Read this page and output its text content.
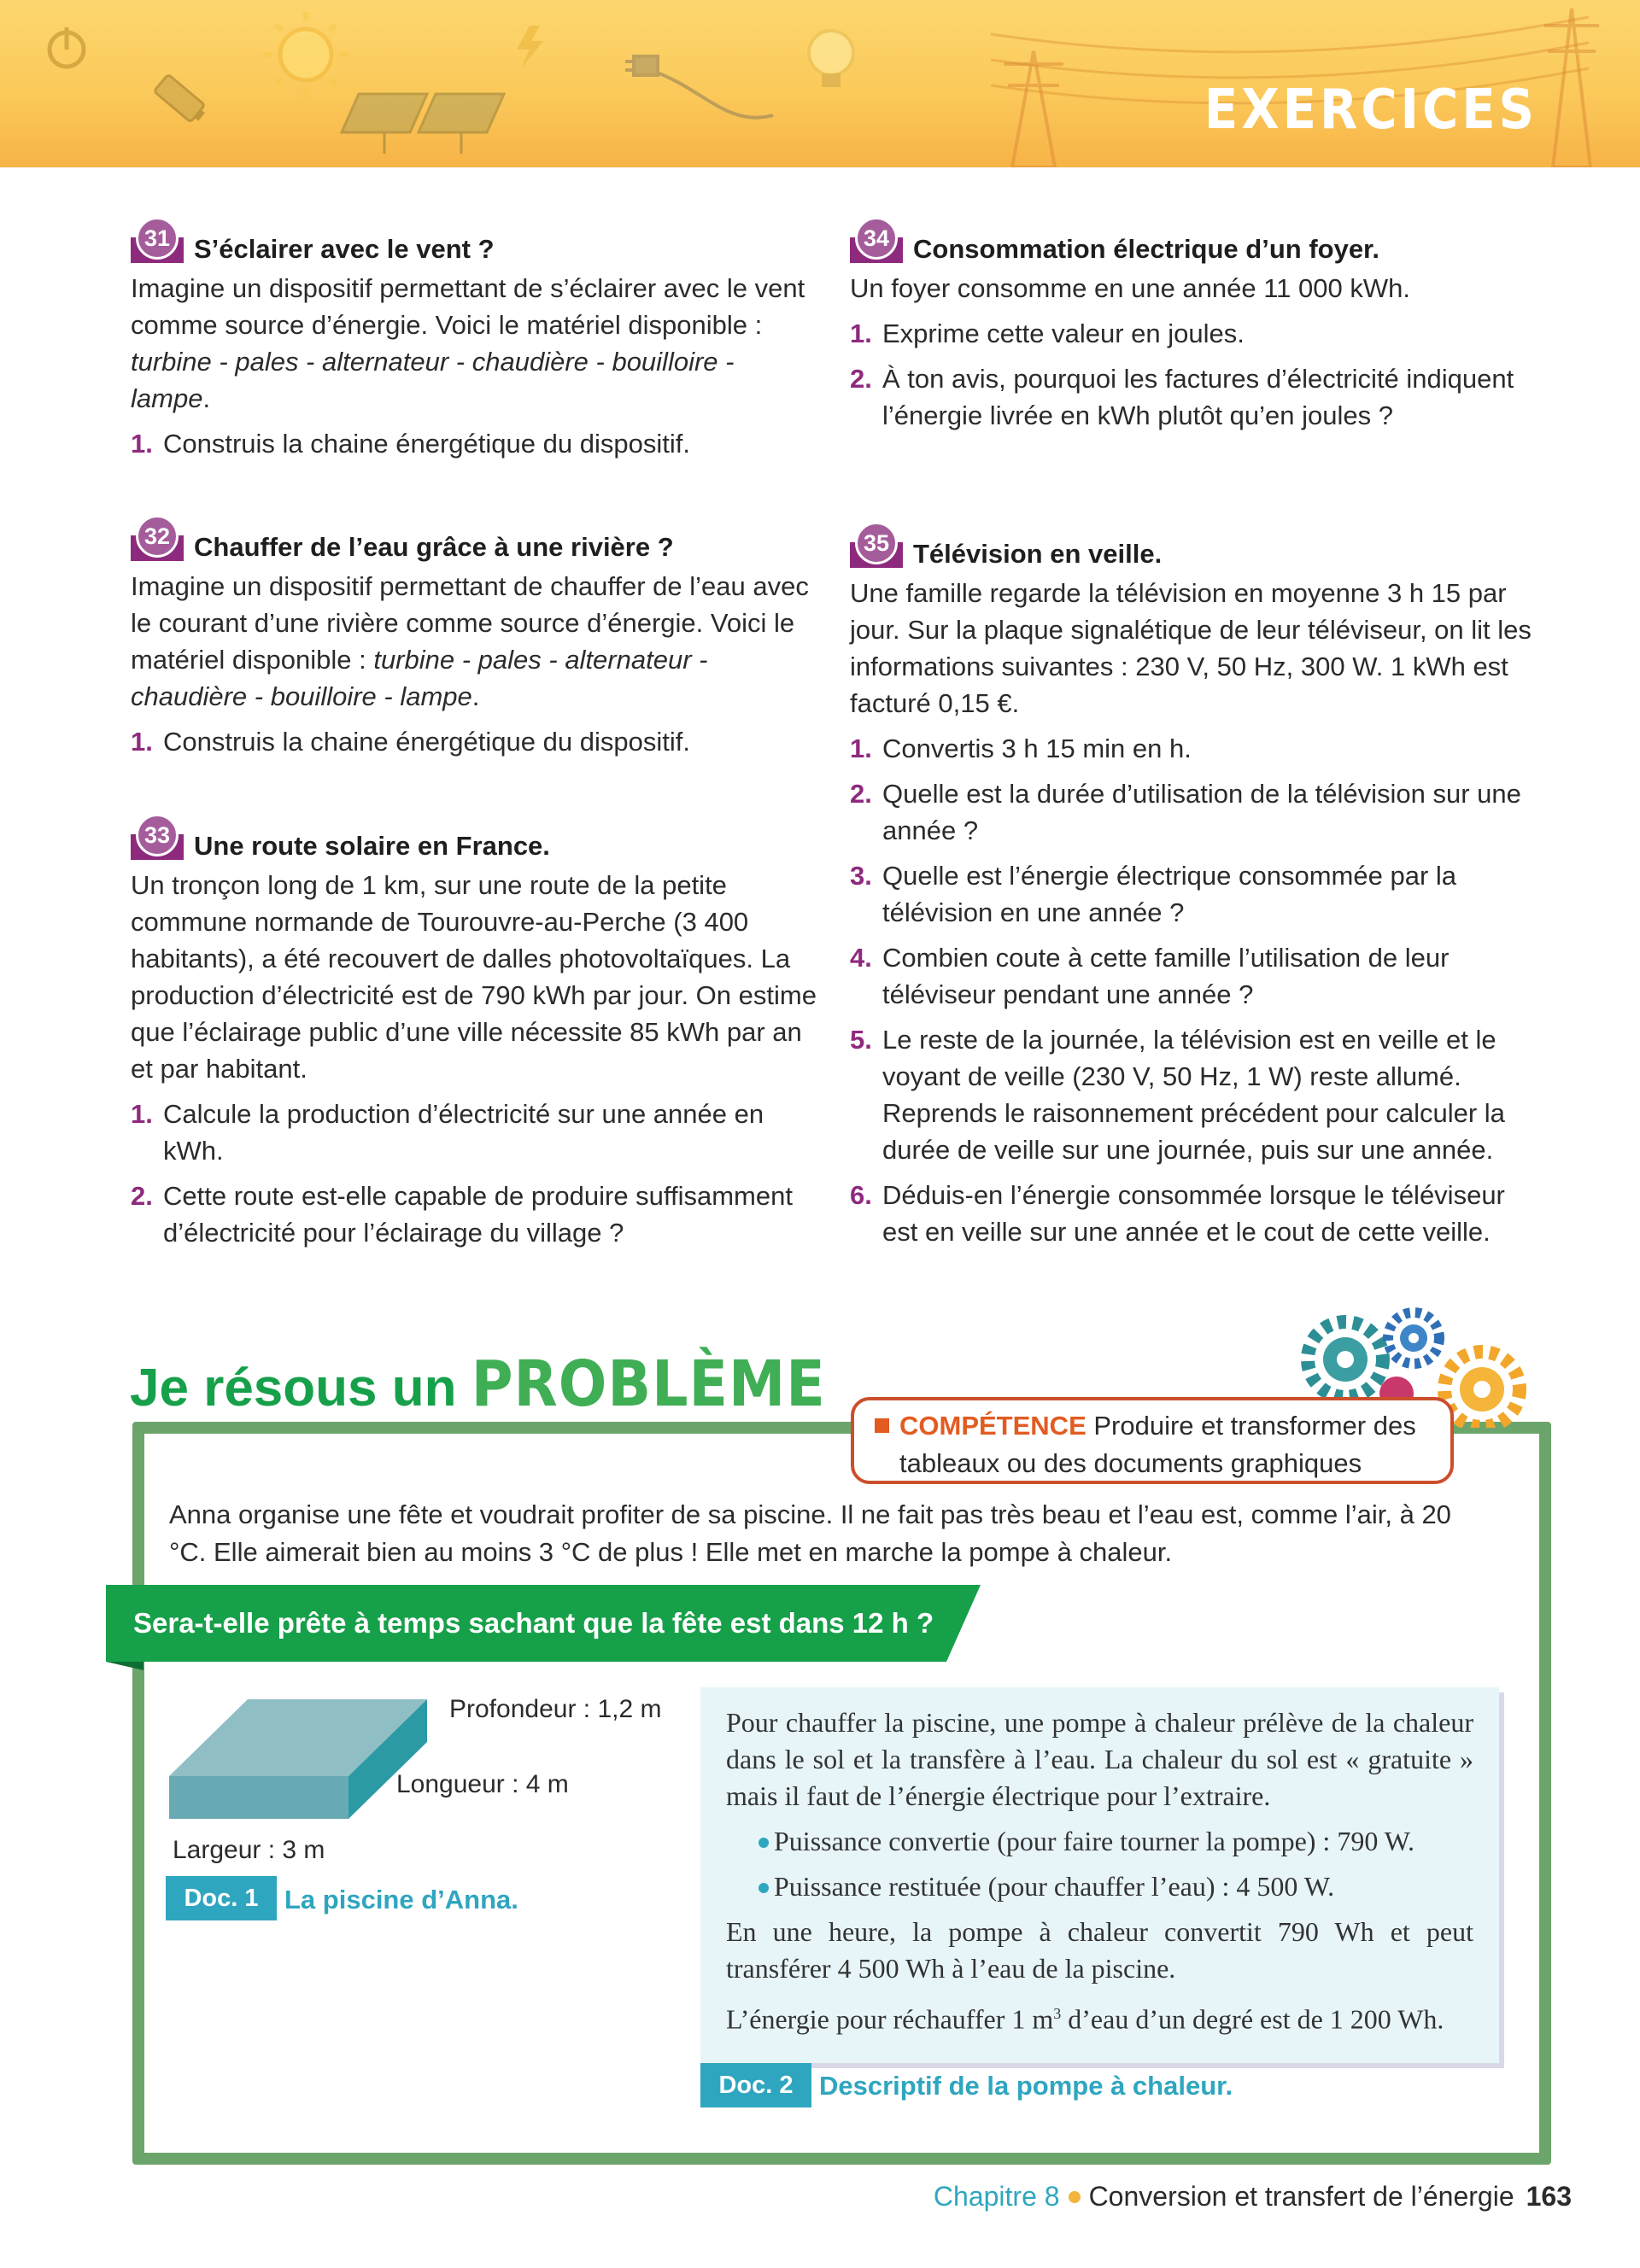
EXERCICES
31 S’éclairer avec le vent ?

Imagine un dispositif permettant de s’éclairer avec le vent comme source d’énergie. Voici le matériel disponible : turbine - pales - alternateur - chaudière - bouilloire - lampe.

1. Construis la chaine énergétique du dispositif.
32 Chauffer de l’eau grâce à une rivière ?

Imagine un dispositif permettant de chauffer de l’eau avec le courant d’une rivière comme source d’énergie. Voici le matériel disponible : turbine - pales - alternateur - chaudière - bouilloire - lampe.

1. Construis la chaine énergétique du dispositif.
33 Une route solaire en France.

Un tronçon long de 1 km, sur une route de la petite commune normande de Tourouvre-au-Perche (3 400 habitants), a été recouvert de dalles photovoltaïques. La production d’électricité est de 790 kWh par jour. On estime que l’éclairage public d’une ville nécessite 85 kWh par an et par habitant.

1. Calcule la production d’électricité sur une année en kWh.
2. Cette route est-elle capable de produire suffisamment d’électricité pour l’éclairage du village ?
34 Consommation électrique d’un foyer.

Un foyer consomme en une année 11 000 kWh.

1. Exprime cette valeur en joules.
2. À ton avis, pourquoi les factures d’électricité indiquent l’énergie livrée en kWh plutôt qu’en joules ?
35 Télévision en veille.

Une famille regarde la télévision en moyenne 3 h 15 par jour. Sur la plaque signalétique de leur téléviseur, on lit les informations suivantes : 230 V, 50 Hz, 300 W. 1 kWh est facturé 0,15 €.

1. Convertis 3 h 15 min en h.
2. Quelle est la durée d’utilisation de la télévision sur une année ?
3. Quelle est l’énergie électrique consommée par la télévision en une année ?
4. Combien coute à cette famille l’utilisation de leur téléviseur pendant une année ?
5. Le reste de la journée, la télévision est en veille et le voyant de veille (230 V, 50 Hz, 1 W) reste allumé. Reprends le raisonnement précédent pour calculer la durée de veille sur une journée, puis sur une année.
6. Déduis-en l’énergie consommée lorsque le téléviseur est en veille sur une année et le cout de cette veille.
Je résous un PROBLÈME
COMPÉTENCE Produire et transformer des
tableaux ou des documents graphiques
Anna organise une fête et voudrait profiter de sa piscine. Il ne fait pas très beau et l’eau est, comme l’air, à 20 °C. Elle aimerait bien au moins 3 °C de plus ! Elle met en marche la pompe à chaleur.
Sera-t-elle prête à temps sachant que la fête est dans 12 h ?
Profondeur : 1,2 m
Longueur : 4 m
Largeur : 3 m
Doc. 1 La piscine d’Anna.

Pour chauffer la piscine, une pompe à chaleur prélève de la chaleur dans le sol et la transfère à l’eau. La chaleur du sol est « gratuite » mais il faut de l’énergie électrique pour l’extraire.

Puissance convertie (pour faire tourner la pompe) : 790 W.
Puissance restituée (pour chauffer l’eau) : 4 500 W.

En une heure, la pompe à chaleur convertit 790 Wh et peut transférer 4 500 Wh à l’eau de la piscine.

L’énergie pour réchauffer 1 $m^3$ d’eau d’un degré est de 1 200 Wh.

Doc. 2 Descriptif de la pompe à chaleur.
Chapitre 8 Conversion et transfert de l’énergie 163
